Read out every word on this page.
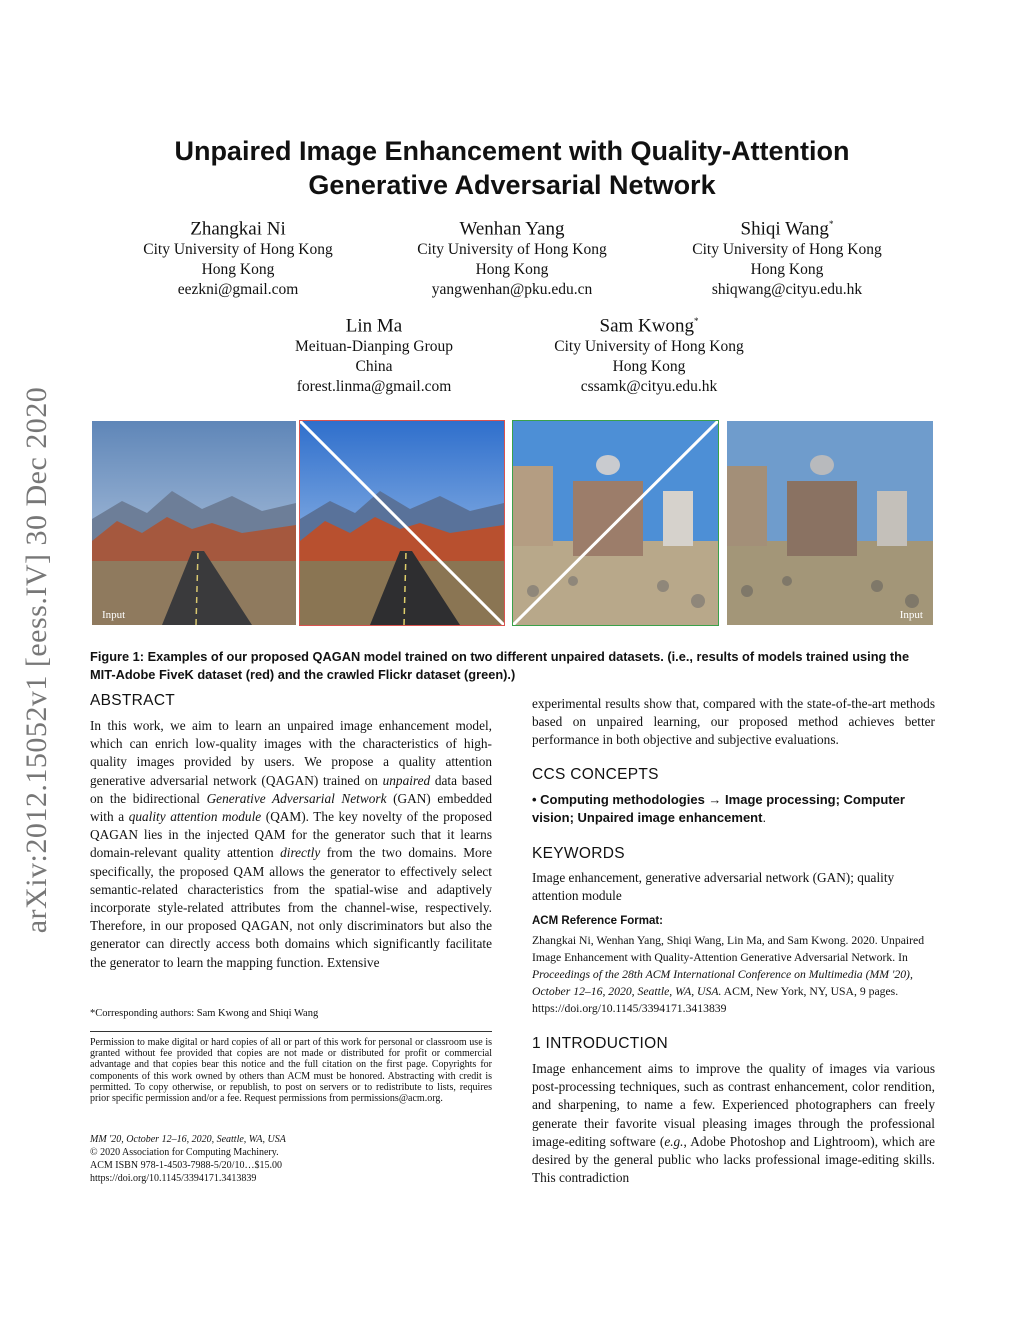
arXiv:2012.15052v1 [eess.IV] 30 Dec 2020
Unpaired Image Enhancement with Quality-Attention
Generative Adversarial Network
Zhangkai Ni
City University of Hong Kong
Hong Kong
eezkni@gmail.com
Wenhan Yang
City University of Hong Kong
Hong Kong
yangwenhan@pku.edu.cn
Shiqi Wang*
City University of Hong Kong
Hong Kong
shiqwang@cityu.edu.hk
Lin Ma
Meituan-Dianping Group
China
forest.linma@gmail.com
Sam Kwong*
City University of Hong Kong
Hong Kong
cssamk@cityu.edu.hk
Input	Input
Figure 1: Examples of our proposed QAGAN model trained on two different unpaired datasets. (i.e., results of models trained using the MIT-Adobe FiveK dataset (red) and the crawled Flickr dataset (green).)
ABSTRACT
In this work, we aim to learn an unpaired image enhancement model, which can enrich low-quality images with the characteristics of high-quality images provided by users. We propose a quality attention generative adversarial network (QAGAN) trained on unpaired data based on the bidirectional Generative Adversarial Network (GAN) embedded with a quality attention module (QAM). The key novelty of the proposed QAGAN lies in the injected QAM for the generator such that it learns domain-relevant quality attention directly from the two domains. More specifically, the proposed QAM allows the generator to effectively select semantic-related characteristics from the spatial-wise and adaptively incorporate style-related attributes from the channel-wise, respectively. Therefore, in our proposed QAGAN, not only discriminators but also the generator can directly access both domains which significantly facilitate the generator to learn the mapping function. Extensive
*Corresponding authors: Sam Kwong and Shiqi Wang
Permission to make digital or hard copies of all or part of this work for personal or classroom use is granted without fee provided that copies are not made or distributed for profit or commercial advantage and that copies bear this notice and the full citation on the first page. Copyrights for components of this work owned by others than ACM must be honored. Abstracting with credit is permitted. To copy otherwise, or republish, to post on servers or to redistribute to lists, requires prior specific permission and/or a fee. Request permissions from permissions@acm.org.
MM '20, October 12–16, 2020, Seattle, WA, USA
© 2020 Association for Computing Machinery.
ACM ISBN 978-1-4503-7988-5/20/10…$15.00
https://doi.org/10.1145/3394171.3413839
experimental results show that, compared with the state-of-the-art methods based on unpaired learning, our proposed method achieves better performance in both objective and subjective evaluations.
CCS CONCEPTS
• Computing methodologies → Image processing; Computer vision; Unpaired image enhancement.
KEYWORDS
Image enhancement, generative adversarial network (GAN); quality attention module
ACM Reference Format:
Zhangkai Ni, Wenhan Yang, Shiqi Wang, Lin Ma, and Sam Kwong. 2020. Unpaired Image Enhancement with Quality-Attention Generative Adversarial Network. In Proceedings of the 28th ACM International Conference on Multimedia (MM '20), October 12–16, 2020, Seattle, WA, USA. ACM, New York, NY, USA, 9 pages. https://doi.org/10.1145/3394171.3413839
1 INTRODUCTION
Image enhancement aims to improve the quality of images via various post-processing techniques, such as contrast enhancement, color rendition, and sharpening, to name a few. Experienced photographers can freely generate their favorite visual pleasing images through the professional image-editing software (e.g., Adobe Photoshop and Lightroom), which are desired by the general public who lacks professional image-editing skills. This contradiction
